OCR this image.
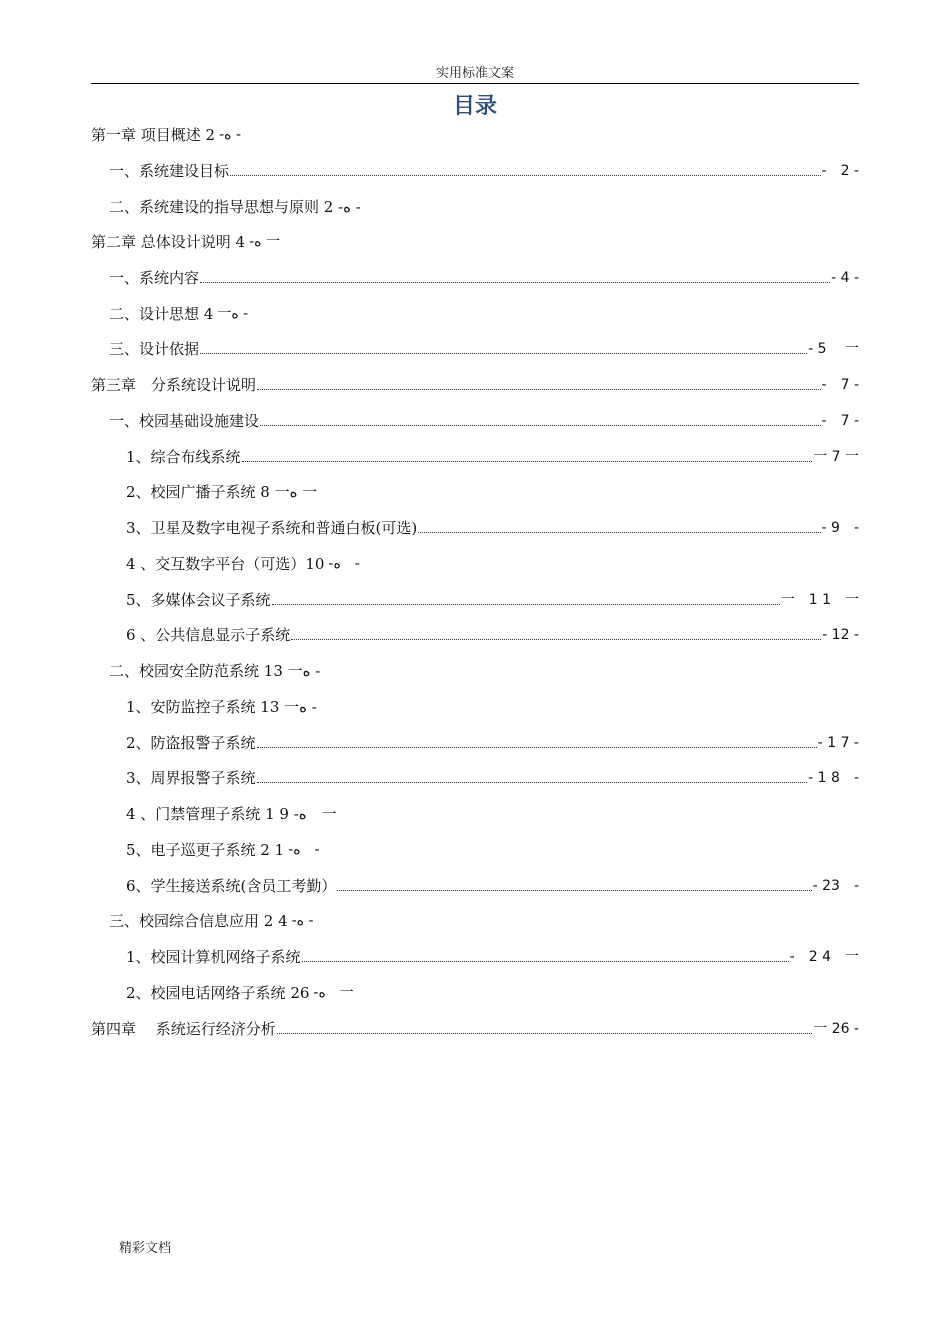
实用标准文案
目录
第一章 项目概述 2 -ه -
一、系统建设目标	-　2 -
二、系统建设的指导思想与原则 2 -ه -
第二章 总体设计说明 4 -ه 一
一、系统内容	- 4 -
二、设计思想 4 一ه -
三、设计依据	- 5　 一
第三章　分系统设计说明	-　7 -
一、校园基础设施建设	-　7 -
1、综合布线系统	一 7 一
2、校园广播子系统 8 一ه 一
3、卫星及数字电视子系统和普通白板(可选)	- 9　-
4 、交互数字平台（可选）10 -ه　-
5、多媒体会议子系统	一　1 1　一
6 、公共信息显示子系统	- 12 -
二、校园安全防范系统 13 一ه -
1、安防监控子系统 13 一ه -
2、防盗报警子系统	- 1 7 -
3、周界报警子系统	- 1 8　-
4 、门禁管理子系统 1 9 -ه　一
5、电子巡更子系统 2 1 -ه　-
6、学生接送系统(含员工考勤）	- 23　-
三、校园综合信息应用 2 4 -ه -
1、校园计算机网络子系统	-　2 4　一
2、校园电话网络子系统 26 -ه　一
第四章　 系统运行经济分析	一 26 -
精彩文档
